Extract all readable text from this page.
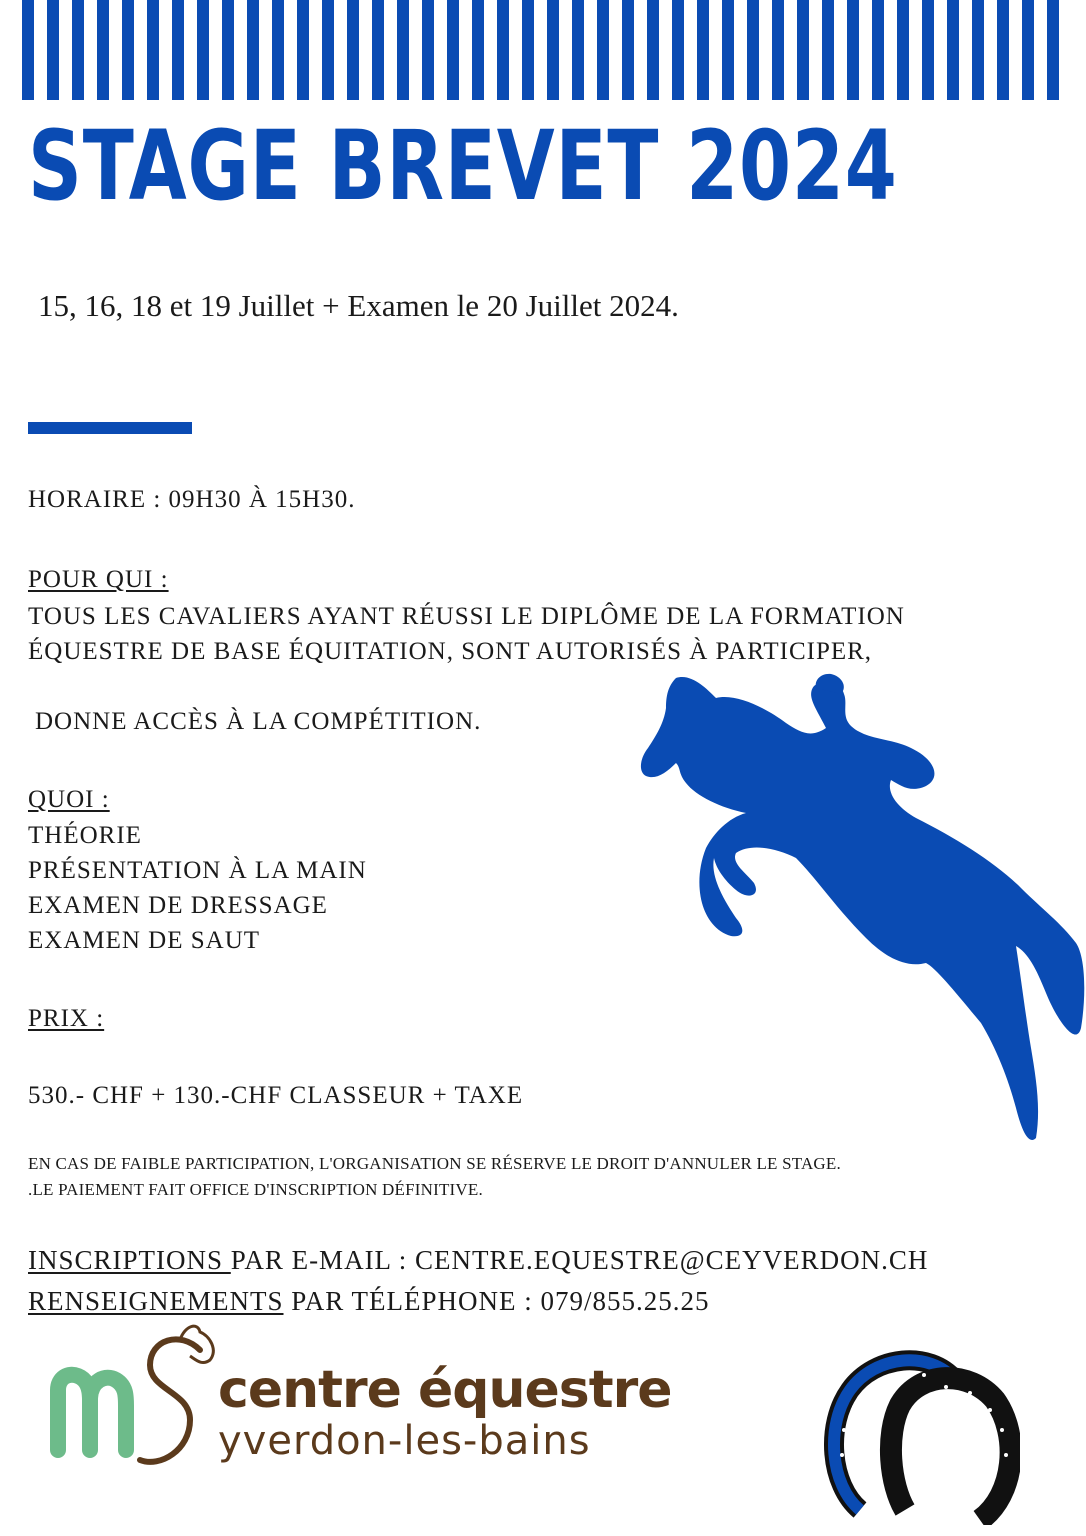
STAGE BREVET 2024
15, 16, 18 et 19 Juillet + Examen le 20 Juillet 2024.
HORAIRE : 09H30 À 15H30.
POUR QUI :
TOUS LES CAVALIERS AYANT RÉUSSI LE DIPLÔME DE LA FORMATION
ÉQUESTRE DE BASE ÉQUITATION, SONT AUTORISÉS À PARTICIPER,
DONNE ACCÈS À LA COMPÉTITION.
QUOI :
THÉORIE
PRÉSENTATION À LA MAIN
EXAMEN DE DRESSAGE
EXAMEN DE SAUT
PRIX :
530.- CHF + 130.-CHF CLASSEUR + TAXE
EN CAS DE FAIBLE PARTICIPATION, L'ORGANISATION SE RÉSERVE LE DROIT D'ANNULER LE STAGE.
.LE PAIEMENT FAIT OFFICE D'INSCRIPTION DÉFINITIVE.
INSCRIPTIONS PAR E-MAIL : CENTRE.EQUESTRE@CEYVERDON.CH
RENSEIGNEMENTS PAR TÉLÉPHONE : 079/855.25.25
centre équestre
yverdon-les-bains
